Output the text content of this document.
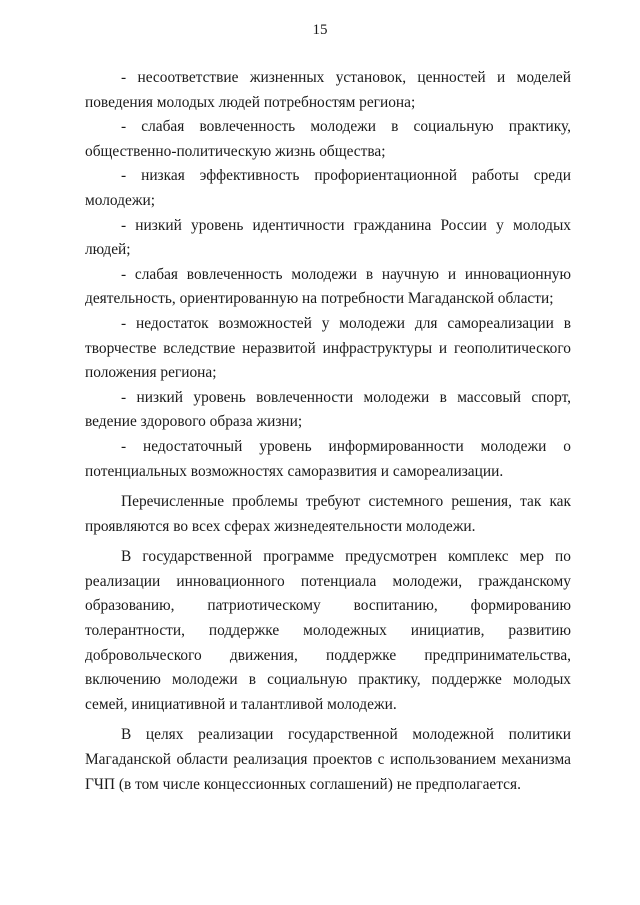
15

- несоответствие жизненных установок, ценностей и моделей поведения молодых людей потребностям региона;

- слабая вовлеченность молодежи в социальную практику, общественно-политическую жизнь общества;

- низкая эффективность профориентационной работы среди молодежи;

- низкий уровень идентичности гражданина России у молодых людей;

- слабая вовлеченность молодежи в научную и инновационную деятельность, ориентированную на потребности Магаданской области;

- недостаток возможностей у молодежи для самореализации в творчестве вследствие неразвитой инфраструктуры и геополитического положения региона;

- низкий уровень вовлеченности молодежи в массовый спорт, ведение здорового образа жизни;

- недостаточный уровень информированности молодежи о потенциальных возможностях саморазвития и самореализации.

Перечисленные проблемы требуют системного решения, так как проявляются во всех сферах жизнедеятельности молодежи.

В государственной программе предусмотрен комплекс мер по реализации инновационного потенциала молодежи, гражданскому образованию, патриотическому воспитанию, формированию толерантности, поддержке молодежных инициатив, развитию добровольческого движения, поддержке предпринимательства, включению молодежи в социальную практику, поддержке молодых семей, инициативной и талантливой молодежи.

В целях реализации государственной молодежной политики Магаданской области реализация проектов с использованием механизма ГЧП (в том числе концессионных соглашений) не предполагается.
